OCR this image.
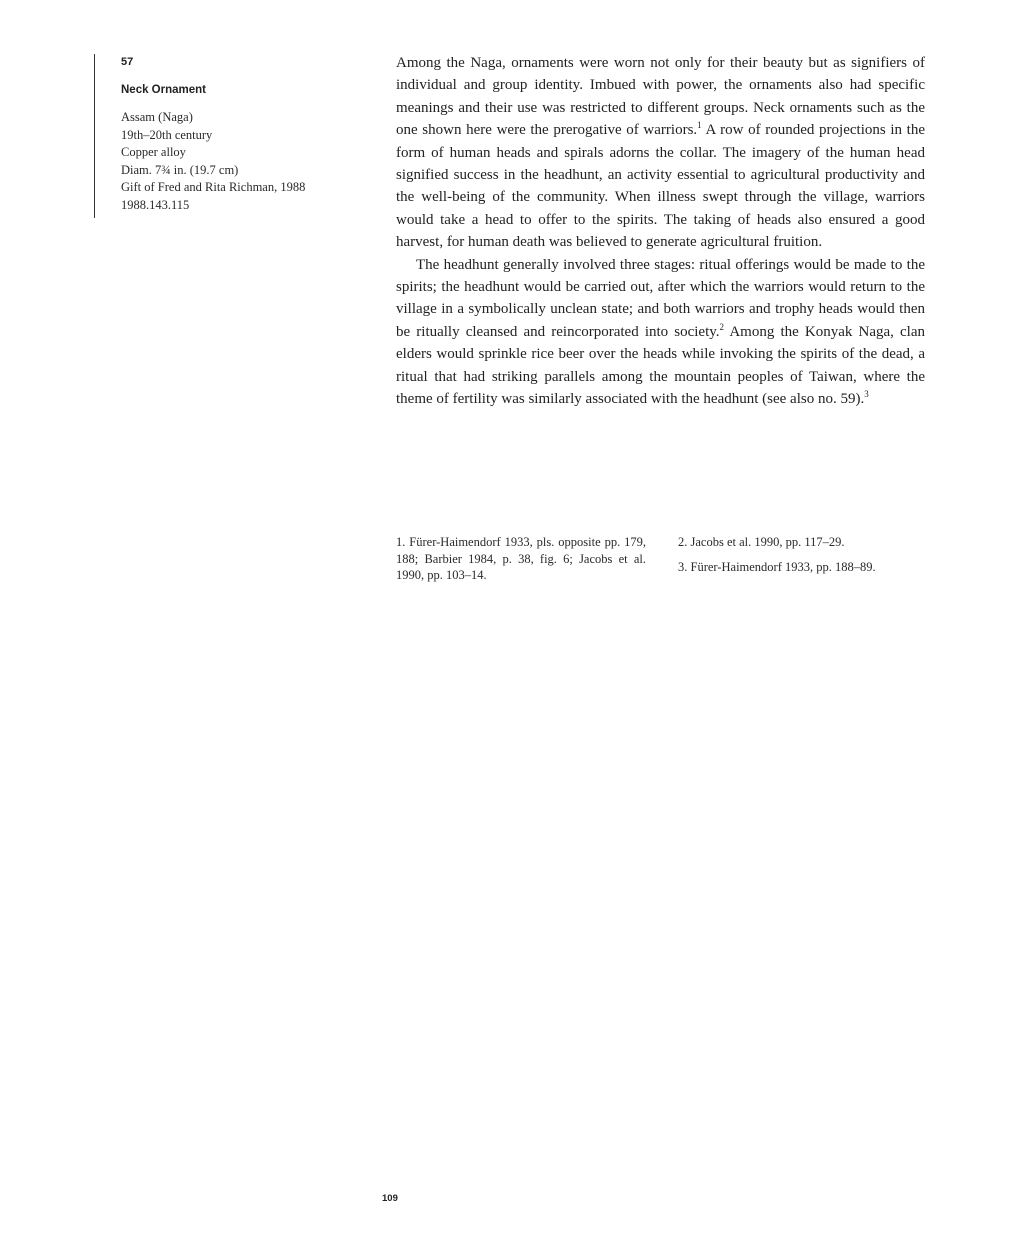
57
Neck Ornament
Assam (Naga)
19th–20th century
Copper alloy
Diam. 7¾ in. (19.7 cm)
Gift of Fred and Rita Richman, 1988
1988.143.115

Among the Naga, ornaments were worn not only for their beauty but as signifiers of individual and group identity. Imbued with power, the ornaments also had specific meanings and their use was restricted to different groups. Neck ornaments such as the one shown here were the prerogative of warriors.$^1$ A row of rounded projections in the form of human heads and spirals adorns the collar. The imagery of the human head signified success in the headhunt, an activity essential to agricultural productivity and the well-being of the community. When illness swept through the village, warriors would take a head to offer to the spirits. The taking of heads also ensured a good harvest, for human death was believed to generate agricultural fruition.

The headhunt generally involved three stages: ritual offerings would be made to the spirits; the headhunt would be carried out, after which the warriors would return to the village in a symbolically unclean state; and both warriors and trophy heads would then be ritually cleansed and reincorporated into society.$^2$ Among the Konyak Naga, clan elders would sprinkle rice beer over the heads while invoking the spirits of the dead, a ritual that had striking parallels among the mountain peoples of Taiwan, where the theme of fertility was similarly associated with the headhunt (see also no. 59).$^3$

1. Fürer-Haimendorf 1933, pls. opposite pp. 179, 188; Barbier 1984, p. 38, fig. 6; Jacobs et al. 1990, pp. 103–14.
2. Jacobs et al. 1990, pp. 117–29.
3. Fürer-Haimendorf 1933, pp. 188–89.
109
